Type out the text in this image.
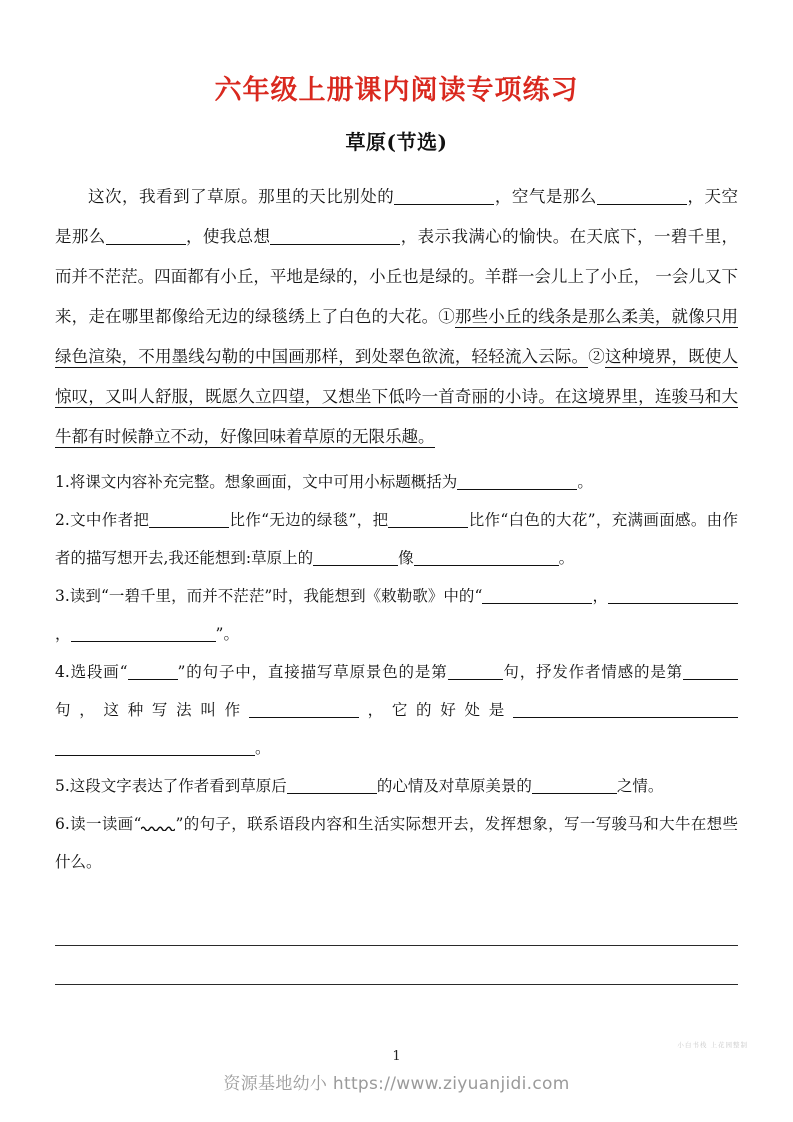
六年级上册课内阅读专项练习
草原(节选)

这次，我看到了草原。那里的天比别处的	，空气是那么	，天空是那么	，使我总想	，表示我满心的愉快。在天底下，一碧千里，而并不茫茫。四面都有小丘，平地是绿的，小丘也是绿的。羊群一会儿上了小丘， 一会儿又下来，走在哪里都像给无边的绿毯绣上了白色的大花。①那些小丘的线条是那么柔美，就像只用绿色渲染，不用墨线勾勒的中国画那样，到处翠色欲流，轻轻流入云际。②这种境界，既使人惊叹，又叫人舒服，既愿久立四望，又想坐下低吟一首奇丽的小诗。在这境界里，连骏马和大牛都有时候静立不动，好像回味着草原的无限乐趣。

1.将课文内容补充完整。想象画面，文中可用小标题概括为	。

2.文中作者把	比作“无边的绿毯”，把	比作“白色的大花”，充满画面感。由作者的描写想开去,我还能想到:草原上的	像	。

3.读到“一碧千里，而并不茫茫”时，我能想到《敕勒歌》中的“	，，	”。

4.选段画“	”的句子中，直接描写草原景色的是第	句，抒发作者情感的是第句，这种写法叫作	，它的好处是。

5.这段文字表达了作者看到草原后	的心情及对草原美景的	之情。

6.读一读画“ ”的句子，联系语段内容和生活实际想开去，发挥想象，写一写骏马和大牛在想些什么。

小白书栈 上花园整制
1
资源基地幼小 https://www.ziyuanjidi.com
